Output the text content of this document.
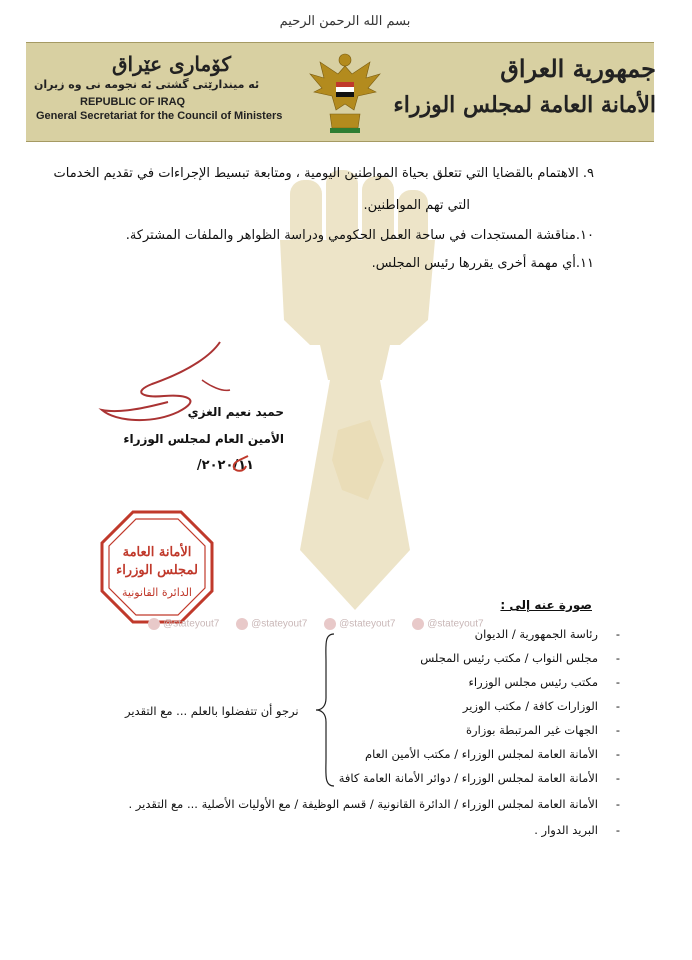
بسم الله الرحمن الرحيم
جمهورية العراق
الأمانة العامة لمجلس الوزراء
كۆماری عێراق
ئه ميندارێتی گشتی ئه نجومه نی وه زيران
REPUBLIC OF IRAQ
General Secretariat for the Council of Ministers
٩. الاهتمام بالقضايا التي تتعلق بحياة المواطنين اليومية ، ومتابعة تبسيط الإجراءات في تقديم الخدمات
التي تهم المواطنين.
١٠.مناقشة المستجدات في ساحة العمل الحكومي ودراسة الظواهر والملفات المشتركة.
١١.أي مهمة أخرى يقررها رئيس المجلس.
حميد نعيم الغزي
الأمين العام لمجلس الوزراء
٢٠٢٠/١١/
الأمانة العامة
لمجلس الوزراء
الدائرة القانونية
@stateyout7	@stateyout7	@stateyout7	@stateyout7
صورة عنه إلى :
- رئاسة الجمهورية / الديوان
- مجلس النواب / مكتب رئيس المجلس
- مكتب رئيس مجلس الوزراء
- الوزارات كافة / مكتب الوزير
- الجهات غير المرتبطة بوزارة
- الأمانة العامة لمجلس الوزراء / مكتب الأمين العام
- الأمانة العامة لمجلس الوزراء / دوائر الأمانة العامة كافة
- الأمانة العامة لمجلس الوزراء / الدائرة القانونية / قسم الوظيفة / مع الأوليات الأصلية ... مع التقدير .
- البريد الدوار .
نرجو أن تتفضلوا بالعلم ... مع التقدير
